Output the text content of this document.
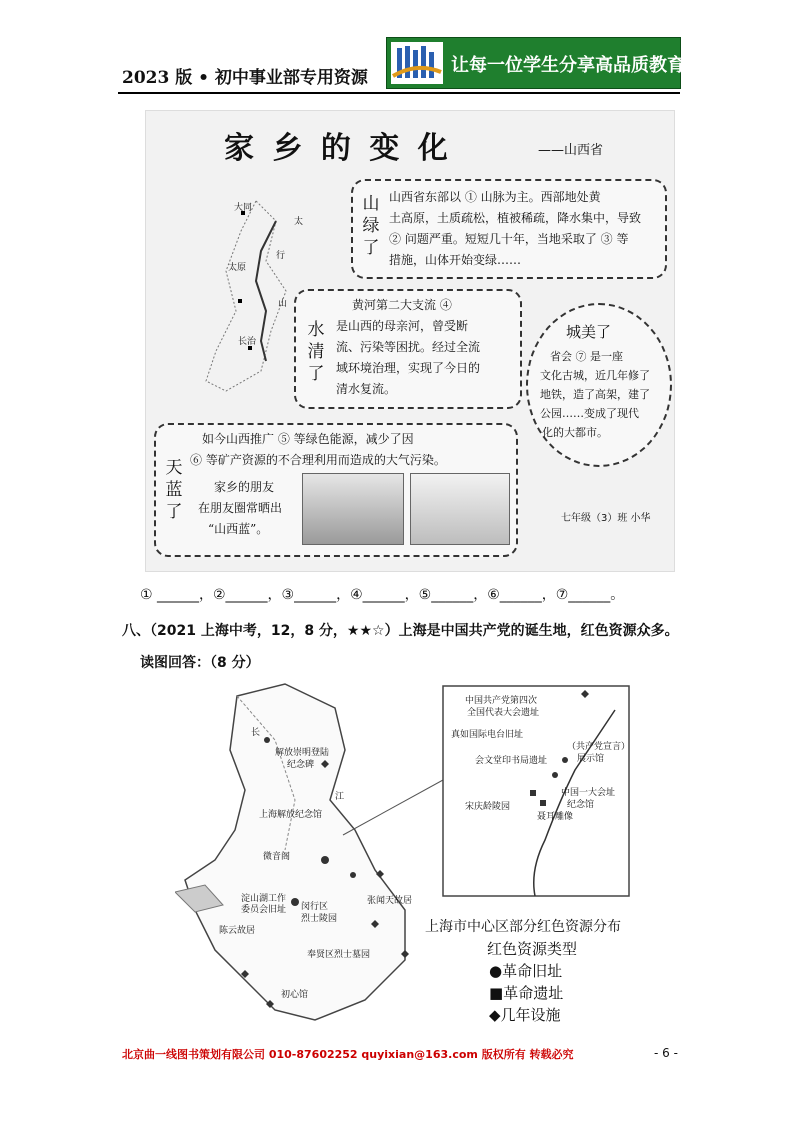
2023 版 • 初中事业部专用资源
让每一位学生分享高品质教育
家 乡 的 变 化	——山西省
大同
太
行
太原
山
长治
山绿了
山西省东部以 ① 山脉为主。西部地处黄
土高原，土质疏松，植被稀疏，降水集中，导致
② 问题严重。短短几十年，当地采取了 ③ 等
措施，山体开始变绿……
水清了
黄河第二大支流 ④
是山西的母亲河，曾受断
流、污染等困扰。经过全流
域环境治理，实现了今日的
清水复流。
城美了
省会 ⑦ 是一座
文化古城，近几年修了
地铁，造了高架，建了
公园……变成了现代
化的大都市。
天蓝了
如今山西推广 ⑤ 等绿色能源，减少了因
⑥ 等矿产资源的不合理利用而造成的大气污染。
家乡的朋友
在朋友圈常晒出
“山西蓝”。
七年级（3）班 小华
① ______，②______，③______，④______，⑤______，⑥______，⑦______。
八、（2021 上海中考，12，8 分，★★☆）上海是中国共产党的诞生地，红色资源众多。
读图回答：（8 分）
长
解放崇明登陆
纪念碑
江
上海解放纪念馆
微音阁
淀山湖工作
委员会旧址
陈云故居
闵行区
烈士陵园
张闻天故居
奉贤区烈士墓园
初心馆
中国共产党第四次
全国代表大会遗址
真如国际电台旧址
会文堂印书局遗址
（共产党宣言）
展示馆
中国一大会址
纪念馆
宋庆龄陵园
聂耳雕像
上海市中心区部分红色资源分布
红色资源类型
●革命旧址
■革命遗址
◆几年设施
北京曲一线图书策划有限公司 010-87602252 quyixian@163.com 版权所有 转载必究	- 6 -
